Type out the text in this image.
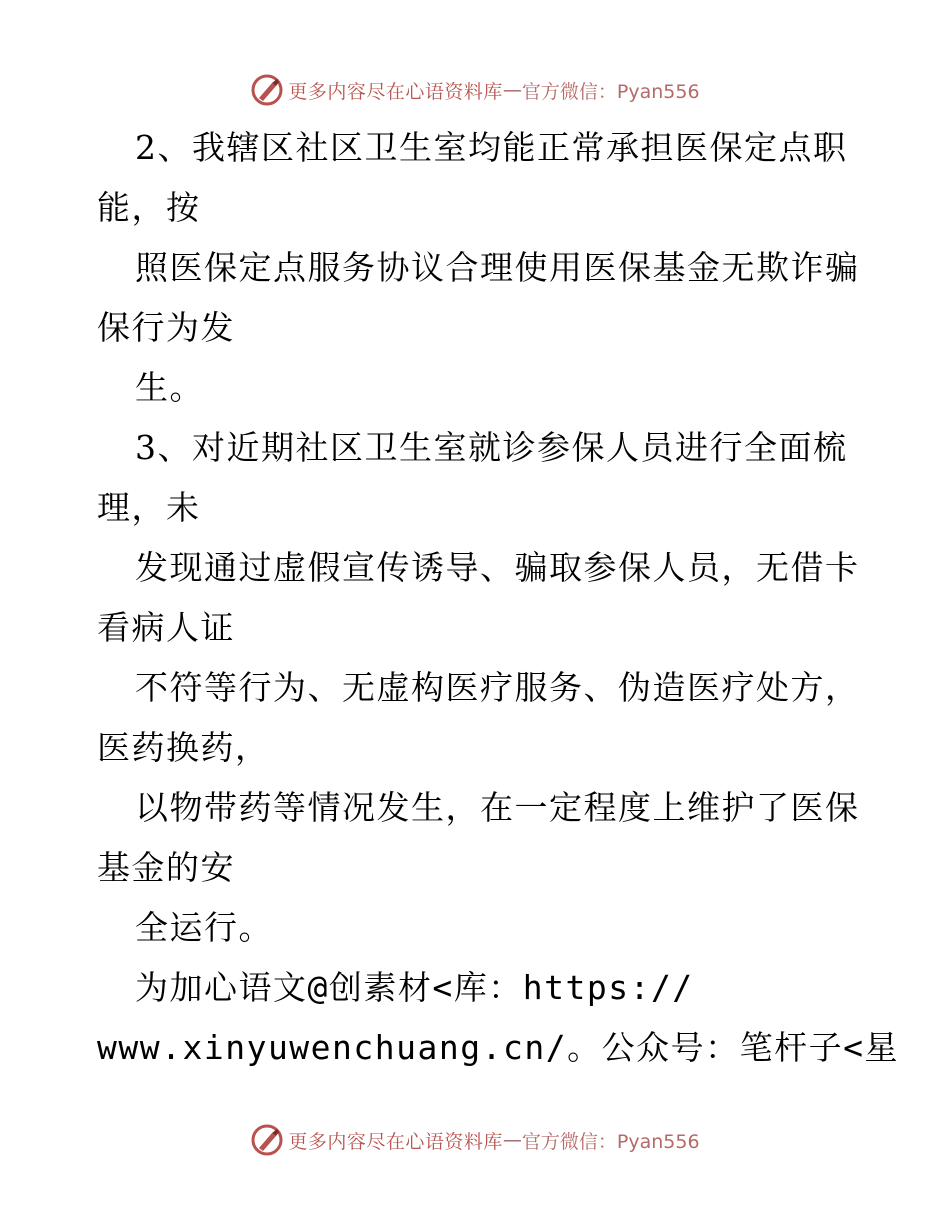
更多内容尽在心语资料库 — 官方微信：Pyan556
2、我辖区社区卫生室均能正常承担医保定点职
能，按
照医保定点服务协议合理使用医保基金无欺诈骗
保行为发
生。
3、对近期社区卫生室就诊参保人员进行全面梳
理，未
发现通过虚假宣传诱导、骗取参保人员，无借卡
看病人证
不符等行为、无虚构医疗服务、伪造医疗处方，
医药换药，
以物带药等情况发生，在一定程度上维护了医保
基金的安
全运行。
为加心语文@创素材<库：https://
www.xinyuwenchuang.cn/。公众号：笔杆子<星
更多内容尽在心语资料库 — 官方微信：Pyan556
